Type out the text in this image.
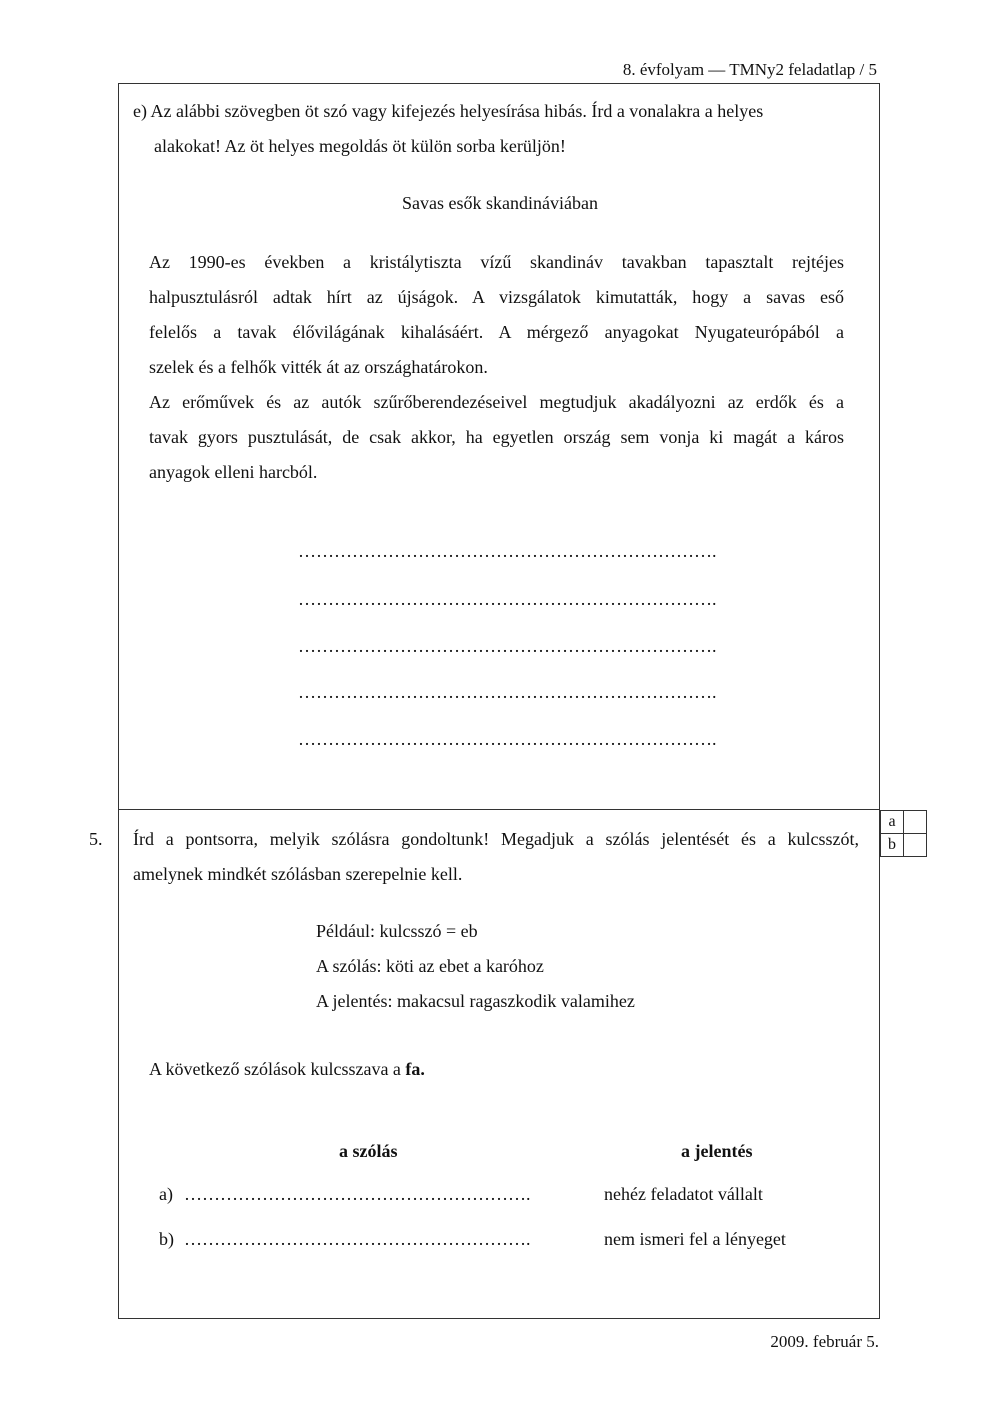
8. évfolyam — TMNy2 feladatlap / 5
e) Az alábbi szövegben öt szó vagy kifejezés helyesírása hibás. Írd a vonalakra a helyes
alakokat! Az öt helyes megoldás öt külön sorba kerüljön!
Savas esők skandináviában
Az 1990-es években a kristálytiszta vízű skandináv tavakban tapasztalt rejtéjes
halpusztulásról adtak hírt az újságok. A vizsgálatok kimutatták, hogy a savas eső
felelős a tavak élővilágának kihalásáért. A mérgező anyagokat Nyugateurópából a
szelek és a felhők vitték át az országhatárokon.
Az erőművek és az autók szűrőberendezéseivel megtudjuk akadályozni az erdők és a
tavak gyors pusztulását, de csak akkor, ha egyetlen ország sem vonja ki magát a káros
anyagok elleni harcból.
…………………………………………………………….
…………………………………………………………….
…………………………………………………………….
…………………………………………………………….
…………………………………………………………….
a	
b	
5. Írd a pontsorra, melyik szólásra gondoltunk! Megadjuk a szólás jelentését és a kulcsszót,
amelynek mindkét szólásban szerepelnie kell.
Például: kulcsszó = eb
A szólás: köti az ebet a karóhoz
A jelentés: makacsul ragaszkodik valamihez
A következő szólások kulcsszava a fa.
a szólás	a jelentés
a) ………………………………………………….	nehéz feladatot vállalt
b) ………………………………………………….	nem ismeri fel a lényeget
2009. február 5.
